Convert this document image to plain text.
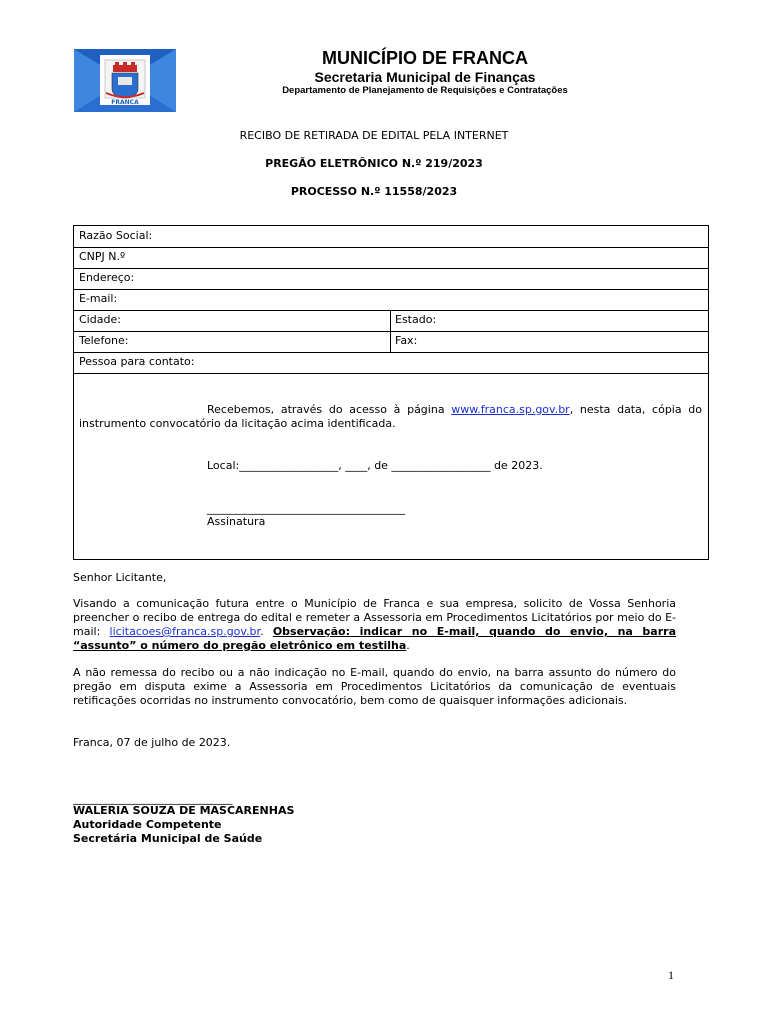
FRANCA
MUNICÍPIO DE FRANCA
Secretaria Municipal de Finanças
Departamento de Planejamento de Requisições e Contratações
RECIBO DE RETIRADA DE EDITAL PELA INTERNET
PREGÃO ELETRÔNICO N.º 219/2023
PROCESSO N.º 11558/2023
Razão Social:
CNPJ N.º
Endereço:
E-mail:
Cidade:	Estado:
Telefone:	Fax:
Pessoa para contato:
Recebemos, através do acesso à página www.franca.sp.gov.br, nesta data, cópia do instrumento convocatório da licitação acima identificada.
Local:__________________, ____, de __________________ de 2023.
____________________________________
Assinatura
Senhor Licitante,
Visando a comunicação futura entre o Município de Franca e sua empresa, solicito de Vossa Senhoria preencher o recibo de entrega do edital e remeter a Assessoria em Procedimentos Licitatórios por meio do E-mail: licitacoes@franca.sp.gov.br. Observação: indicar no E-mail, quando do envio, na barra “assunto” o número do pregão eletrônico em testilha.
A não remessa do recibo ou a não indicação no E-mail, quando do envio, na barra assunto do número do pregão em disputa exime a Assessoria em Procedimentos Licitatórios da comunicação de eventuais retificações ocorridas no instrumento convocatório, bem como de quaisquer informações adicionais.
Franca, 07 de julho de 2023.
_____________________________
WALERIA SOUZA DE MASCARENHAS
Autoridade Competente
Secretária Municipal de Saúde
1
